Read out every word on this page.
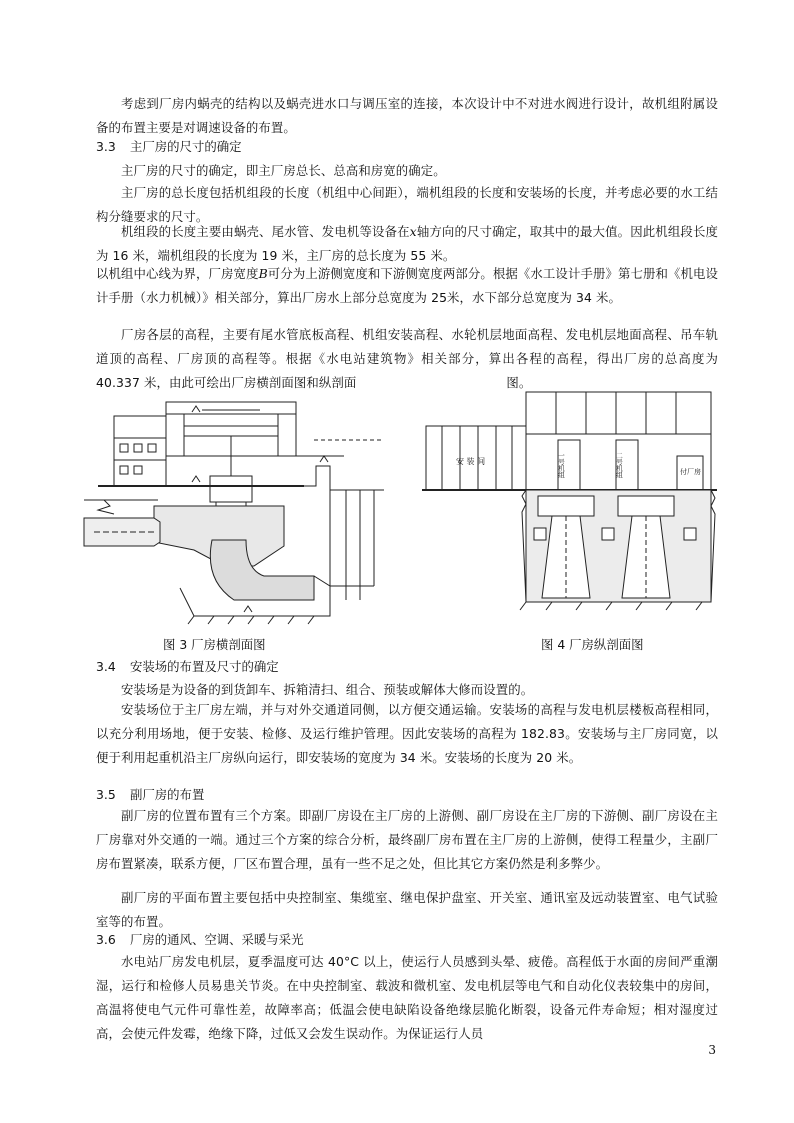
考虑到厂房内蜗壳的结构以及蜗壳进水口与调压室的连接，本次设计中不对进水阀进行设计，故机组附属设备的布置主要是对调速设备的布置。

3.3 主厂房的尺寸的确定

主厂房的尺寸的确定，即主厂房总长、总高和房宽的确定。

主厂房的总长度包括机组段的长度（机组中心间距），端机组段的长度和安装场的长度，并考虑必要的水工结构分缝要求的尺寸。

机组段的长度主要由蜗壳、尾水管、发电机等设备在x轴方向的尺寸确定，取其中的最大值。因此机组段长度为 16 米，端机组段的长度为 19 米，主厂房的总长度为 55 米。

以机组中心线为界，厂房宽度B可分为上游侧宽度和下游侧宽度两部分。根据《水工设计手册》第七册和《机电设计手册（水力机械）》相关部分，算出厂房水上部分总宽度为 25米，水下部分总宽度为 34 米。

厂房各层的高程，主要有尾水管底板高程、机组安装高程、水轮机层地面高程、发电机层地面高程、吊车轨道顶的高程、厂房顶的高程等。根据《水电站建筑物》相关部分，算出各程的高程，得出厂房的总高度为 40.337 米，由此可绘出厂房横剖面图和纵剖面	图。

安 装 间	一号机组	二号机组	付厂房
图 3 厂房横剖面图	图 4 厂房纵剖面图
3.4 安装场的布置及尺寸的确定

安装场是为设备的到货卸车、拆箱清扫、组合、预装或解体大修而设置的。

安装场位于主厂房左端，并与对外交通道同侧，以方便交通运输。安装场的高程与发电机层楼板高程相同，以充分利用场地，便于安装、检修、及运行维护管理。因此安装场的高程为 182.83。安装场与主厂房同宽，以便于利用起重机沿主厂房纵向运行，即安装场的宽度为 34 米。安装场的长度为 20 米。

3.5 副厂房的布置

副厂房的位置布置有三个方案。即副厂房设在主厂房的上游侧、副厂房设在主厂房的下游侧、副厂房设在主厂房靠对外交通的一端。通过三个方案的综合分析，最终副厂房布置在主厂房的上游侧，使得工程量少，主副厂房布置紧凑，联系方便，厂区布置合理，虽有一些不足之处，但比其它方案仍然是利多弊少。

副厂房的平面布置主要包括中央控制室、集缆室、继电保护盘室、开关室、通讯室及远动装置室、电气试验室等的布置。

3.6 厂房的通风、空调、采暖与采光

水电站厂房发电机层，夏季温度可达 40°C 以上，使运行人员感到头晕、疲倦。高程低于水面的房间严重潮湿，运行和检修人员易患关节炎。在中央控制室、载波和微机室、发电机层等电气和自动化仪表较集中的房间，高温将使电气元件可靠性差，故障率高；低温会使电缺陷设备绝缘层脆化断裂，设备元件寿命短；相对湿度过高，会使元件发霉，绝缘下降，过低又会发生误动作。为保证运行人员

3
